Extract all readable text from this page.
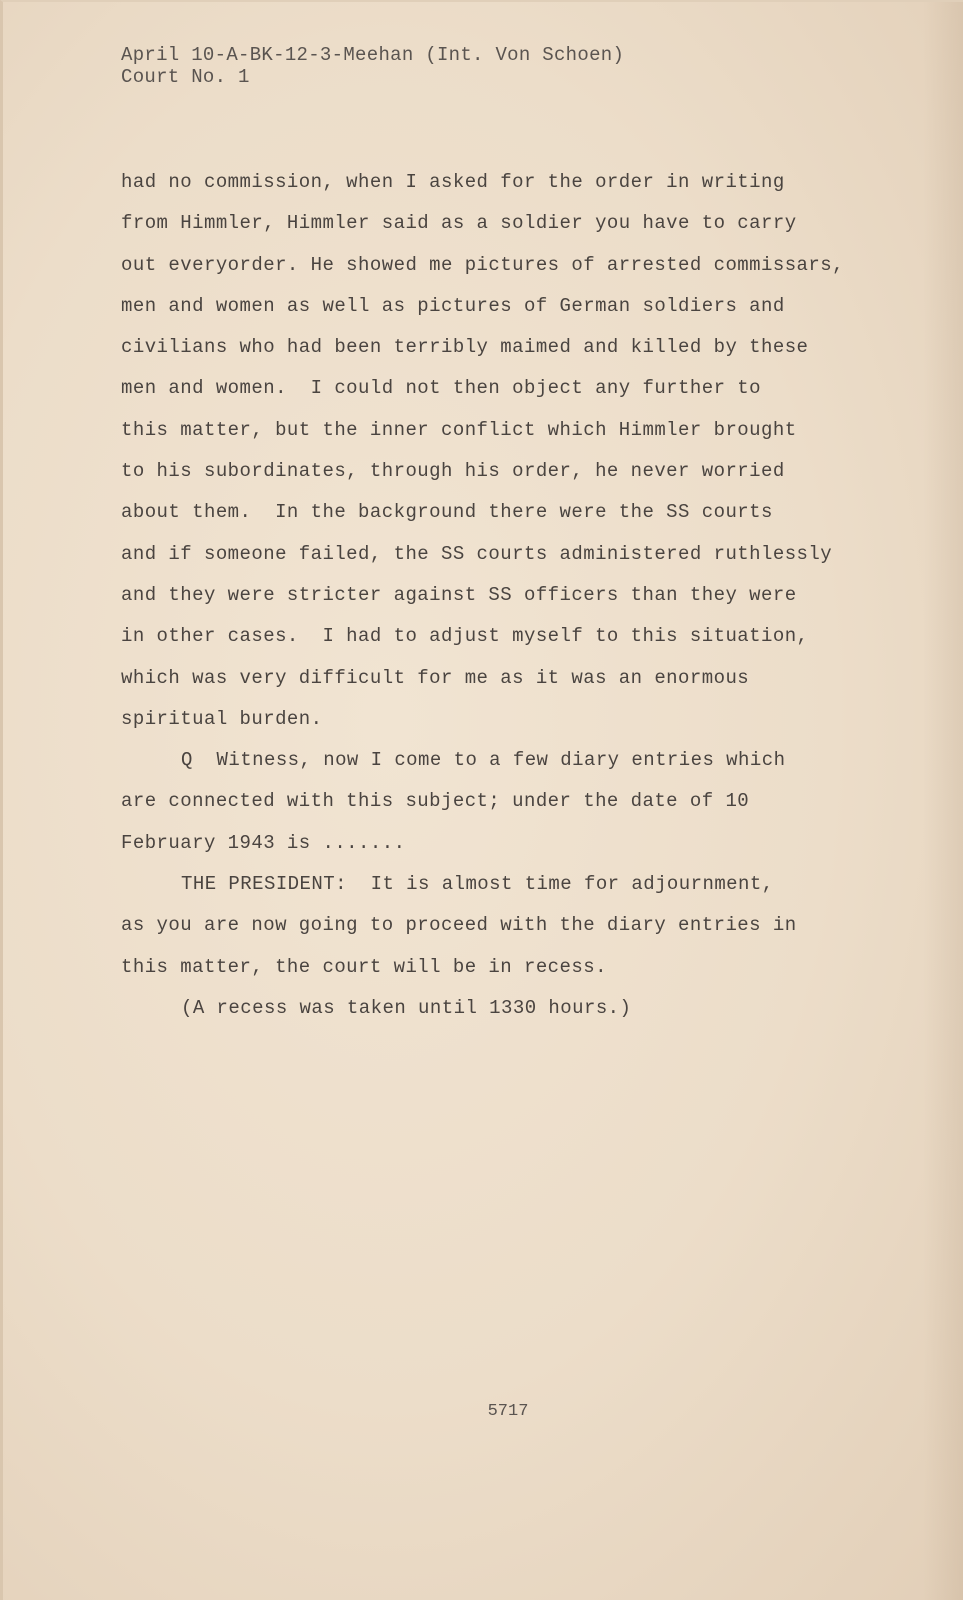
April 10-A-BK-12-3-Meehan (Int. Von Schoen)
Court No. 1
had no commission, when I asked for the order in writing
from Himmler, Himmler said as a soldier you have to carry
out everyorder. He showed me pictures of arrested commissars,
men and women as well as pictures of German soldiers and
civilians who had been terribly maimed and killed by these
men and women.  I could not then object any further to
this matter, but the inner conflict which Himmler brought
to his subordinates, through his order, he never worried
about them.  In the background there were the SS courts
and if someone failed, the SS courts administered ruthlessly
and they were stricter against SS officers than they were
in other cases.  I had to adjust myself to this situation,
which was very difficult for me as it was an enormous
spiritual burden.
Q  Witness, now I come to a few diary entries which
are connected with this subject; under the date of 10
February 1943 is .......
THE PRESIDENT:  It is almost time for adjournment,
as you are now going to proceed with the diary entries in
this matter, the court will be in recess.
(A recess was taken until 1330 hours.)
5717
